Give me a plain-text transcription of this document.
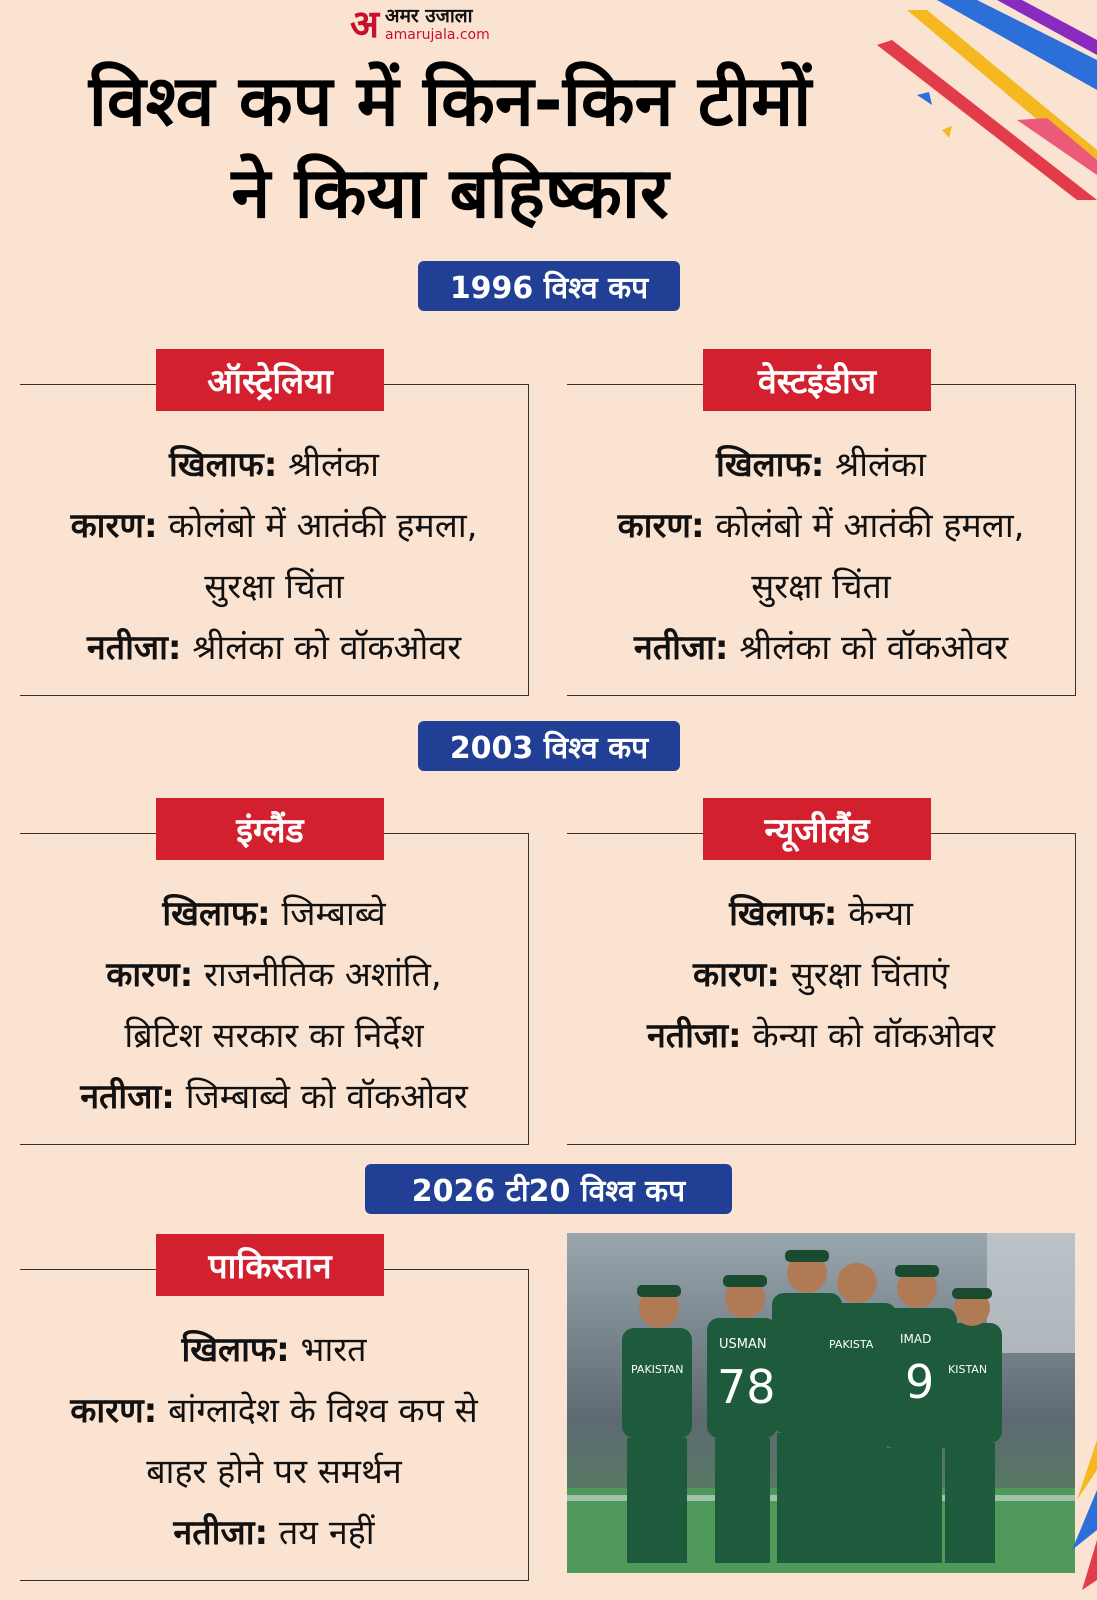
अ अमर उजाला
amarujala.com
विश्व कप में किन-किन टीमों ने किया बहिष्कार
1996 विश्व कप
ऑस्ट्रेलिया
खिलाफ: श्रीलंका
कारण: कोलंबो में आतंकी हमला,
सुरक्षा चिंता
नतीजा: श्रीलंका को वॉकओवर
वेस्टइंडीज
खिलाफ: श्रीलंका
कारण: कोलंबो में आतंकी हमला,
सुरक्षा चिंता
नतीजा: श्रीलंका को वॉकओवर
2003 विश्व कप
इंग्लैंड
खिलाफ: जिम्बाब्वे
कारण: राजनीतिक अशांति,
ब्रिटिश सरकार का निर्देश
नतीजा: जिम्बाब्वे को वॉकओवर
न्यूजीलैंड
खिलाफ: केन्या
कारण: सुरक्षा चिंताएं
नतीजा: केन्या को वॉकओवर
2026 टी20 विश्व कप
पाकिस्तान
खिलाफ: भारत
कारण: बांग्लादेश के विश्व कप से
बाहर होने पर समर्थन
नतीजा: तय नहीं
PAKISTAN
USMAN
78
PAKISTA IMAD
9 KISTAN
